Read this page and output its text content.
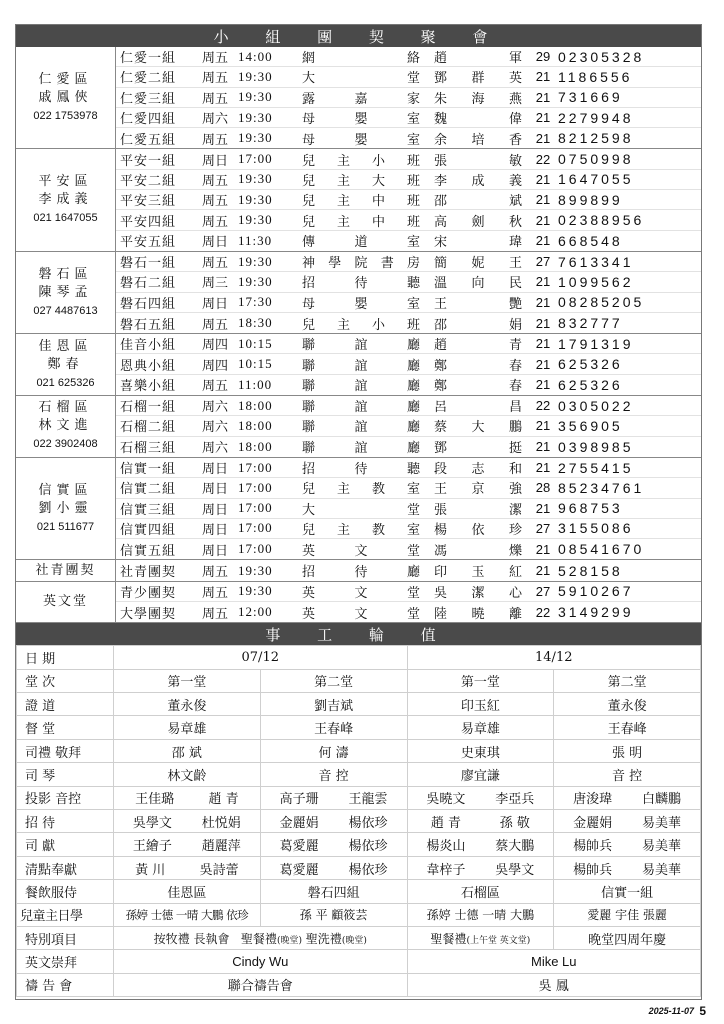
小 組 團 契 聚 會
仁愛區
戚鳳俠
022 1753978
仁愛一組	周五 14:00	網絡	趙 軍	29 02305328
仁愛二組	周五 19:30	大堂	鄧 群 英	21 1186556
仁愛三組	周五 19:30	露嘉家	朱 海 燕	21 731669
仁愛四組	周六 19:30	母嬰室	魏 偉	21 2279948
仁愛五組	周五 19:30	母嬰室	余 培 香	21 8212598
平安區
李成義
021 1647055
平安一組	周日 17:00	兒主小班	張 敏	22 0750998
平安二組	周五 19:30	兒主大班	李 成 義	21 1647055
平安三組	周五 19:30	兒主中班	邵 斌	21 899899
平安四組	周五 19:30	兒主中班	高 劍 秋	21 02388956
平安五組	周日 11:30	傳道室	宋 瑋	21 668548
磐石區
陳琴孟
027 4487613
磐石一組	周五 19:30	神學院書房	簡 妮 王	27 7613341
磐石二組	周三 19:30	招待聽	溫 向 民	21 1099562
磐石四組	周日 17:30	母嬰室	王 艷	21 08285205
磐石五組	周五 18:30	兒主小班	邵 娟	21 832777
佳恩區
鄭春
021 625326
佳音小組	周四 10:15	聯誼廳	趙 青	21 1791319
恩典小組	周四 10:15	聯誼廳	鄭 春	21 625326
喜樂小組	周五 11:00	聯誼廳	鄭 春	21 625326
石榴區
林文進
022 3902408
石榴一組	周六 18:00	聯誼廳	呂 昌	22 0305022
石榴二組	周六 18:00	聯誼廳	蔡 大 鵬	21 356905
石榴三組	周六 18:00	聯誼廳	鄧 挺	21 0398985
信實區
劉小靈
021 511677
信實一組	周日 17:00	招待聽	段 志 和	21 2755415
信實二組	周日 17:00	兒主教室	王 京 強	28 85234761
信實三組	周日 17:00	大堂	張 潔	21 968753
信實四組	周日 17:00	兒主教室	楊 依 珍	27 3155086
信實五組	周日 17:00	英文堂	馮 爍	21 08541670
社青團契 社青團契	周五 19:30	招待廳	印 玉 紅	21 528158
英文堂
青少團契	周五 19:30	英文堂	吳 潔 心	27 5910267
大學團契	周五 12:00	英文堂	陸 曉 離	22 3149299
事 工 輪 值
日 期	07/12		14/12	
堂 次	第一堂	第二堂	第一堂	第二堂
證 道	董永俊	劉吉斌	印玉紅	董永俊
督 堂	易章雄	王春峰	易章雄	王春峰
司禮 敬拜	邵 斌	何 濤	史東琪	張 明
司 琴	林文齡	音 控	廖宜謙	音 控
投影 音控	王佳璐 趙 青	高子珊 王龍雲	吳曉文 李亞兵	唐浚瑋 白麟鵬

招 待	吳學文 杜悦娟	金麗娟 楊依珍	趙 青 孫 敬	金麗娟 易美華

司 獻	王繪子 趙麗萍	葛愛麗 楊依珍	楊炎山 蔡大鵬	楊帥兵 易美華

清點奉獻	黃 川 吳詩蕾	葛愛麗 楊依珍	韋梓子 吳學文	楊帥兵 易美華

餐飲服侍	佳恩區	磐石四組	石榴區	信實一組
兒童主日學	孫婷 士德 一晴 大鵬 依珍	孫 平 顧筱芸	孫婷 士德 一晴 大鵬	愛麗 宇佳 張麗
特別項目	按牧禮 長執會 聖餐禮(晚堂) 聖洗禮(晚堂)		聖餐禮(上午堂 英文堂)	晚堂四周年慶
英文崇拜	Cindy Wu		Mike Lu	
禱 告 會	聯合禱告會		吳 鳳	
2025-11-07 5
